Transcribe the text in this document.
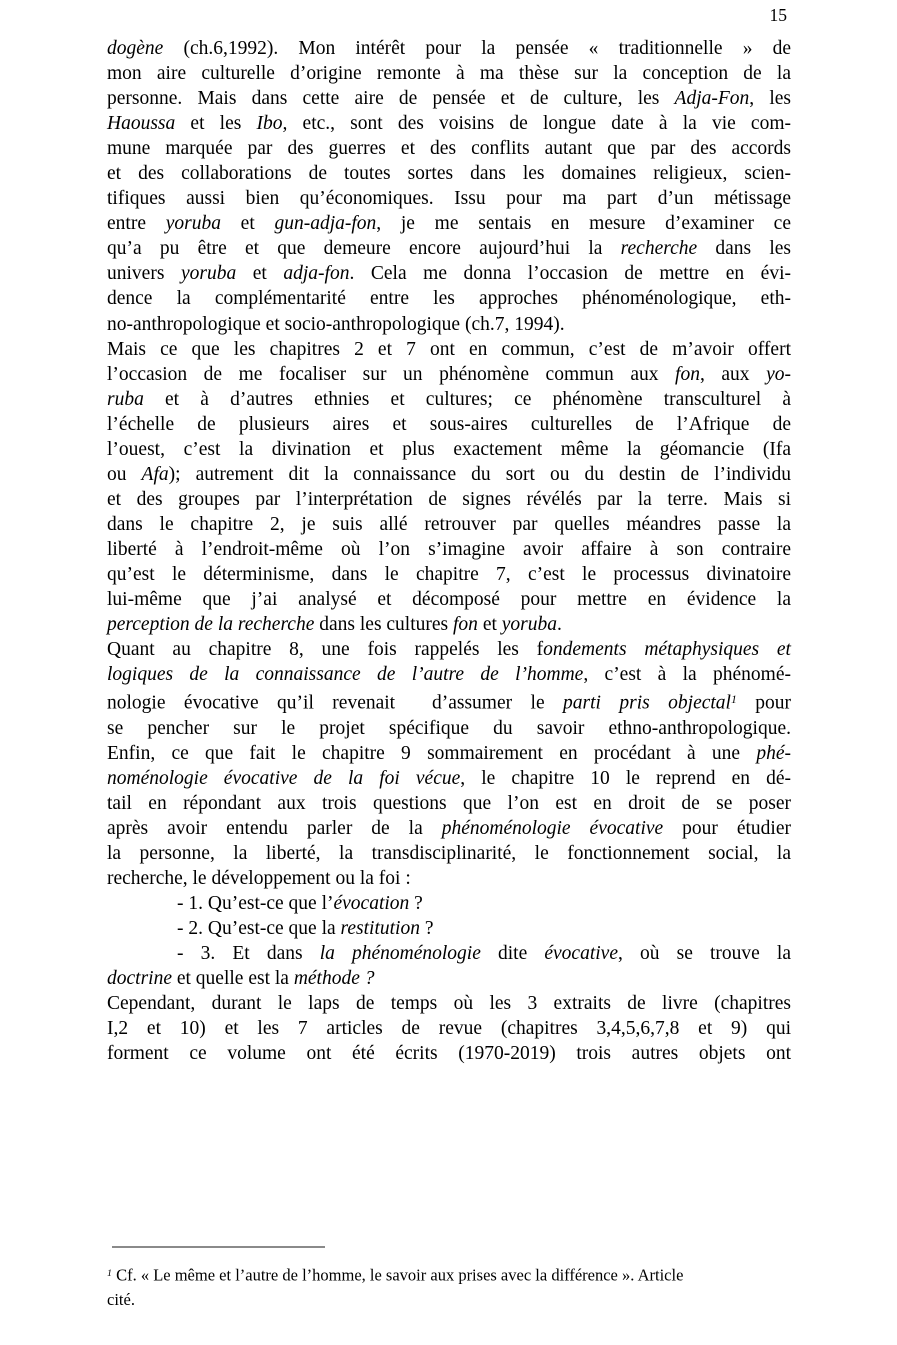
15
dogène (ch.6,1992). Mon intérêt pour la pensée « traditionnelle » de
mon aire culturelle d’origine remonte à ma thèse sur la conception de la
personne. Mais dans cette aire de pensée et de culture, les Adja-Fon, les
Haoussa et les Ibo, etc., sont des voisins de longue date à la vie com-
mune marquée par des guerres et des conflits autant que par des accords
et des collaborations de toutes sortes dans les domaines religieux, scien-
tifiques aussi bien qu’économiques. Issu pour ma part d’un métissage
entre yoruba et gun-adja-fon, je me sentais en mesure d’examiner ce
qu’a pu être et que demeure encore aujourd’hui la recherche dans les
univers yoruba et adja-fon. Cela me donna l’occasion de mettre en évi-
dence la complémentarité entre les approches phénoménologique, eth-
no-anthropologique et socio-anthropologique (ch.7, 1994).
Mais ce que les chapitres 2 et 7 ont en commun, c’est de m’avoir offert
l’occasion de me focaliser sur un phénomène commun aux fon, aux yo-
ruba et à d’autres ethnies et cultures; ce phénomène transculturel à
l’échelle de plusieurs aires et sous-aires culturelles de l’Afrique de
l’ouest, c’est la divination et plus exactement même la géomancie (Ifa
ou Afa); autrement dit la connaissance du sort ou du destin de l’individu
et des groupes par l’interprétation de signes révélés par la terre. Mais si
dans le chapitre 2, je suis allé retrouver par quelles méandres passe la
liberté à l’endroit-même où l’on s’imagine avoir affaire à son contraire
qu’est le déterminisme, dans le chapitre 7, c’est le processus divinatoire
lui-même que j’ai analysé et décomposé pour mettre en évidence la
perception de la recherche dans les cultures fon et yoruba.
Quant au chapitre 8, une fois rappelés les fondements métaphysiques et
logiques de la connaissance de l’autre de l’homme, c’est à la phénomé-
nologie évocative qu’il revenait  d’assumer le parti pris objectal$^1$ pour
se pencher sur le projet spécifique du savoir ethno-anthropologique.
Enfin, ce que fait le chapitre 9 sommairement en procédant à une phé-
noménologie évocative de la foi vécue, le chapitre 10 le reprend en dé-
tail en répondant aux trois questions que l’on est en droit de se poser
après avoir entendu parler de la phénoménologie évocative pour étudier
la personne, la liberté, la transdisciplinarité, le fonctionnement social, la
recherche, le développement ou la foi :
- 1. Qu’est-ce que l’évocation ?
- 2. Qu’est-ce que la restitution ?
- 3. Et dans la phénoménologie dite évocative, où se trouve la
doctrine et quelle est la méthode ?
Cependant, durant le laps de temps où les 3 extraits de livre (chapitres
I,2 et 10) et les 7 articles de revue (chapitres 3,4,5,6,7,8 et 9) qui
forment ce volume ont été écrits (1970-2019) trois autres objets ont
$^1$ Cf. « Le même et l’autre de l’homme, le savoir aux prises avec la différence ». Article
cité.
